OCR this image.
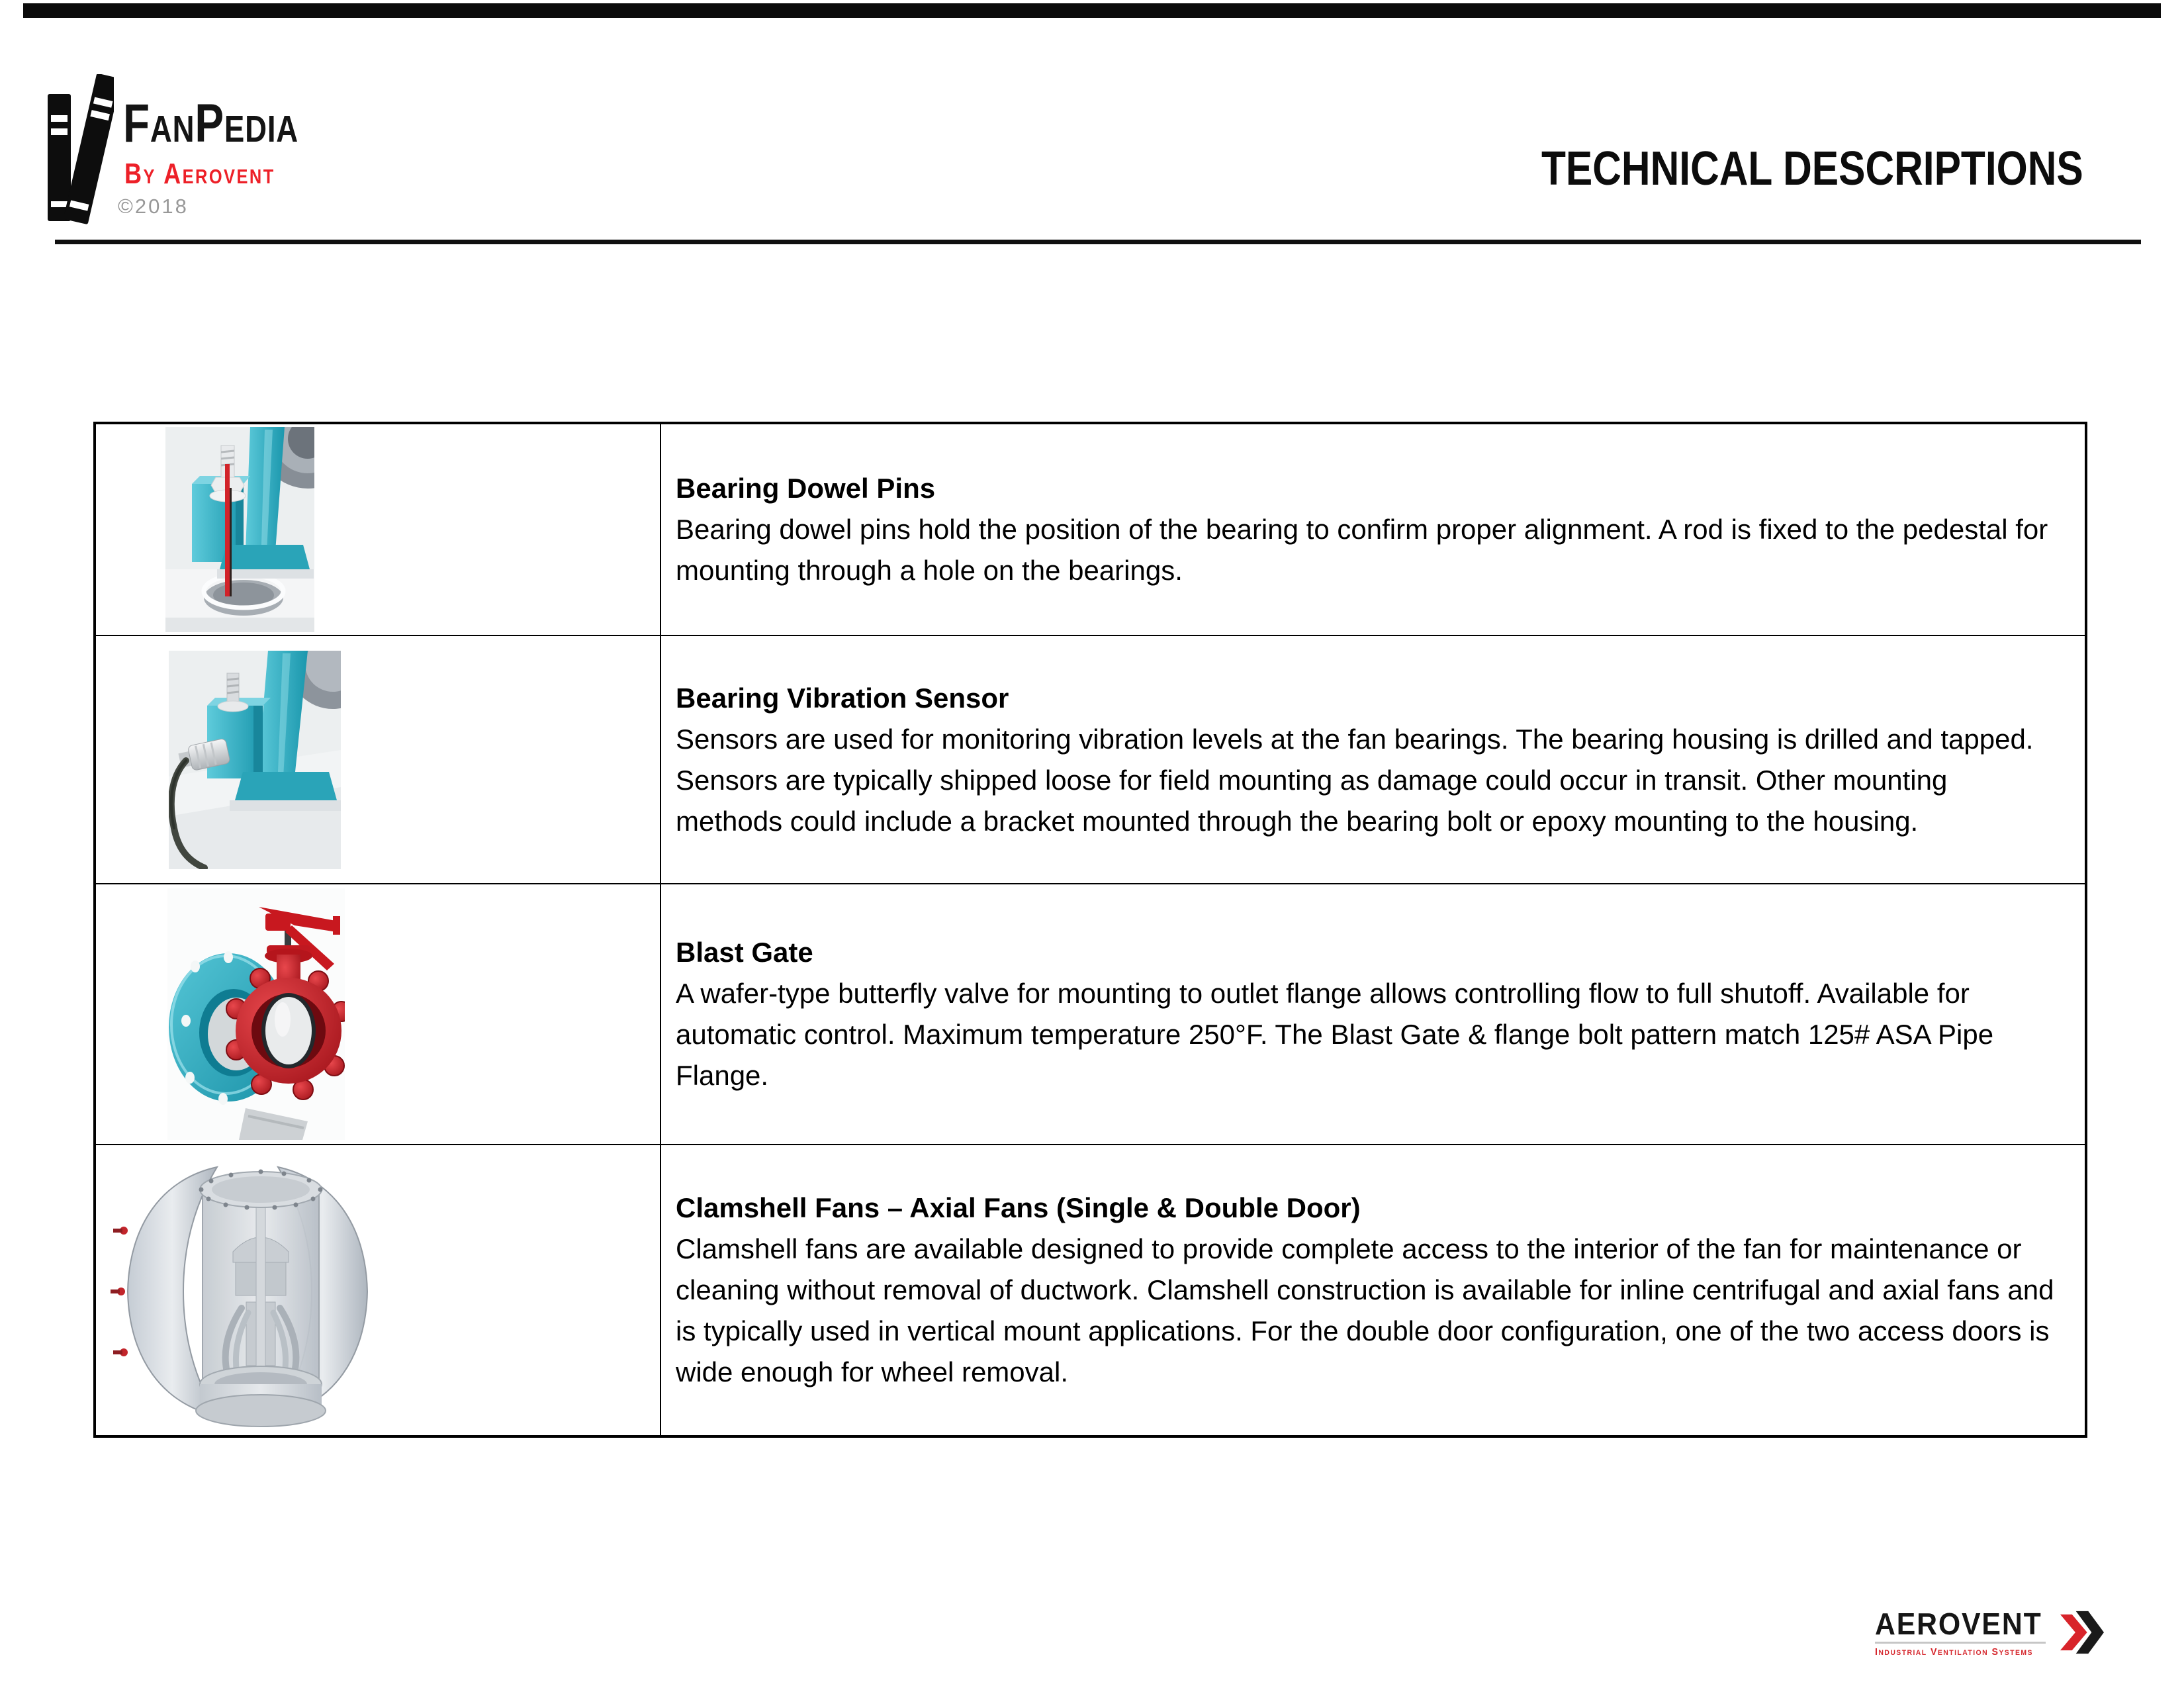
FanPedia
By Aerovent
©2018
TECHNICAL DESCRIPTIONS
Bearing Dowel Pins
Bearing dowel pins hold the position of the bearing to confirm proper alignment. A rod is fixed to the pedestal for mounting through a hole on the bearings.
Bearing Vibration Sensor
Sensors are used for monitoring vibration levels at the fan bearings. The bearing housing is drilled and tapped. Sensors are typically shipped loose for field mounting as damage could occur in transit. Other mounting methods could include a bracket mounted through the bearing bolt or epoxy mounting to the housing.
Blast Gate
A wafer-type butterfly valve for mounting to outlet flange allows controlling flow to full shutoff. Available for automatic control. Maximum temperature 250°F. The Blast Gate & flange bolt pattern match 125# ASA Pipe Flange.
Clamshell Fans – Axial Fans (Single & Double Door)
Clamshell fans are available designed to provide complete access to the interior of the fan for maintenance or cleaning without removal of ductwork. Clamshell construction is available for inline centrifugal and axial fans and is typically used in vertical mount applications. For the double door configuration, one of the two access doors is wide enough for wheel removal.
AEROVENT
Industrial Ventilation Systems
